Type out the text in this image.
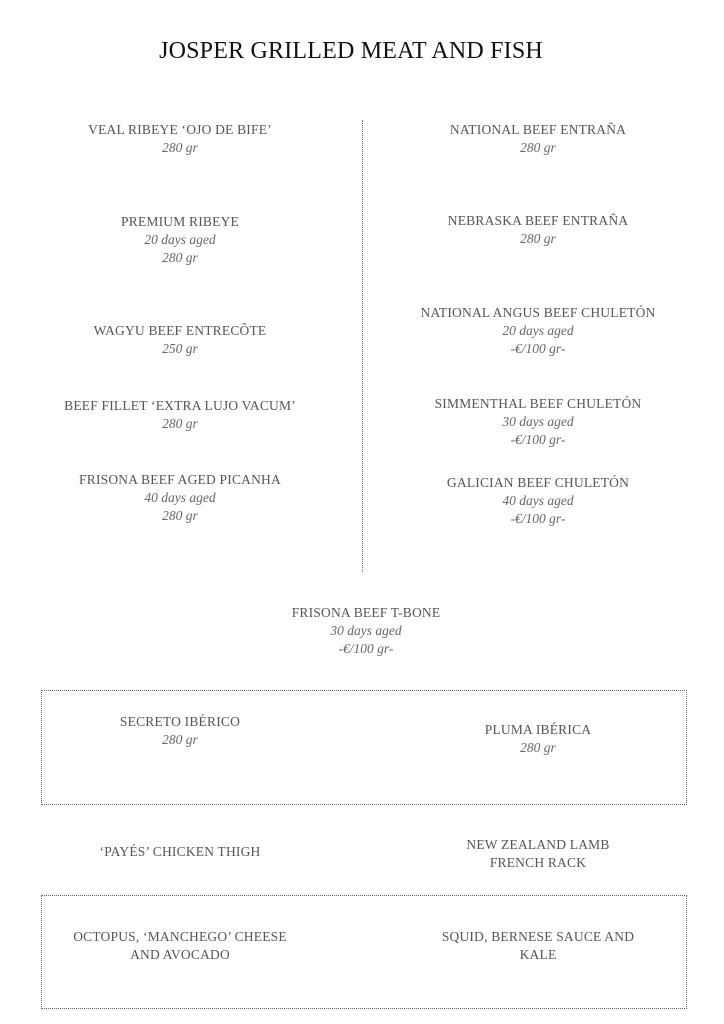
JOSPER GRILLED MEAT AND FISH
VEAL RIBEYE ‘OJO DE BIFE’
280 gr
PREMIUM RIBEYE
20 days aged
280 gr
WAGYU BEEF ENTRECÔTE
250 gr
BEEF FILLET ‘EXTRA LUJO VACUM’
280 gr
FRISONA BEEF AGED PICANHA
40 days aged
280 gr
NATIONAL BEEF ENTRAÑA
280 gr
NEBRASKA BEEF ENTRAÑA
280 gr
NATIONAL ANGUS BEEF CHULETÓN
20 days aged
-€/100 gr-
SIMMENTHAL BEEF CHULETÓN
30 days aged
-€/100 gr-
GALICIAN BEEF CHULETÓN
40 days aged
-€/100 gr-
FRISONA BEEF T-BONE
30 days aged
-€/100 gr-
SECRETO IBÉRICO
280 gr
PLUMA IBÉRICA
280 gr
‘PAYÉS’ CHICKEN THIGH	NEW ZEALAND LAMB
FRENCH RACK
OCTOPUS, ‘MANCHEGO’ CHEESE
AND AVOCADO
SQUID, BERNESE SAUCE AND
KALE
